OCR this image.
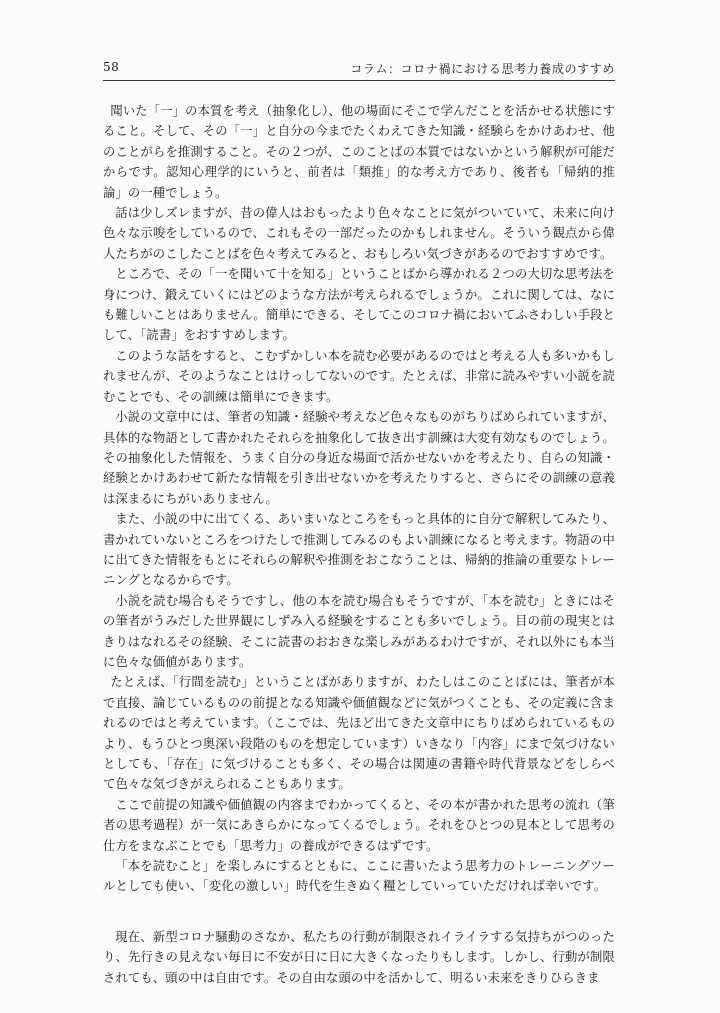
58	コラム：コロナ禍における思考力養成のすすめ

聞いた「一」の本質を考え（抽象化し）、他の場面にそこで学んだことを活かせる状態にすること。そして、その「一」と自分の今までたくわえてきた知識・経験らをかけあわせ、他のことがらを推測すること。その２つが、このことばの本質ではないかという解釈が可能だからです。認知心理学的にいうと、前者は「類推」的な考え方であり、後者も「帰納的推論」の一種でしょう。

話は少しズレますが、昔の偉人はおもったより色々なことに気がついていて、未来に向け色々な示唆をしているので、これもその一部だったのかもしれません。そういう観点から偉人たちがのこしたことばを色々考えてみると、おもしろい気づきがあるのでおすすめです。

ところで、その「一を聞いて十を知る」ということばから導かれる２つの大切な思考法を身につけ、鍛えていくにはどのような方法が考えられるでしょうか。これに関しては、なにも難しいことはありません。簡単にできる、そしてこのコロナ禍においてふさわしい手段として、「読書」をおすすめします。

このような話をすると、こむずかしい本を読む必要があるのではと考える人も多いかもしれませんが、そのようなことはけっしてないのです。たとえば、非常に読みやすい小説を読むことでも、その訓練は簡単にできます。

小説の文章中には、筆者の知識・経験や考えなど色々なものがちりばめられていますが、具体的な物語として書かれたそれらを抽象化して抜き出す訓練は大変有効なものでしょう。その抽象化した情報を、うまく自分の身近な場面で活かせないかを考えたり、自らの知識・経験とかけあわせて新たな情報を引き出せないかを考えたりすると、さらにその訓練の意義は深まるにちがいありません。

また、小説の中に出てくる、あいまいなところをもっと具体的に自分で解釈してみたり、書かれていないところをつけたしで推測してみるのもよい訓練になると考えます。物語の中に出てきた情報をもとにそれらの解釈や推測をおこなうことは、帰納的推論の重要なトレーニングとなるからです。

小説を読む場合もそうですし、他の本を読む場合もそうですが、「本を読む」ときにはその筆者がうみだした世界観にしずみ入る経験をすることも多いでしょう。目の前の現実とはきりはなれるその経験、そこに読書のおおきな楽しみがあるわけですが、それ以外にも本当に色々な価値があります。

たとえば、「行間を読む」ということばがありますが、わたしはこのことばには、筆者が本で直接、論じているものの前提となる知識や価値観などに気がつくことも、その定義に含まれるのではと考えています。（ここでは、先ほど出てきた文章中にちりばめられているものより、もうひとつ奥深い段階のものを想定しています）いきなり「内容」にまで気づけないとしても、「存在」に気づけることも多く、その場合は関連の書籍や時代背景などをしらべて色々な気づきがえられることもあります。

ここで前提の知識や価値観の内容までわかってくると、その本が書かれた思考の流れ（筆者の思考過程）が一気にあきらかになってくるでしょう。それをひとつの見本として思考の仕方をまなぶことでも「思考力」の養成ができるはずです。

「本を読むこと」を楽しみにするとともに、ここに書いたよう思考力のトレーニングツールとしても使い、「変化の激しい」時代を生きぬく糧としていっていただければ幸いです。

現在、新型コロナ騒動のさなか、私たちの行動が制限されイライラする気持ちがつのったり、先行きの見えない毎日に不安が日に日に大きくなったりもします。しかし、行動が制限されても、頭の中は自由です。その自由な頭の中を活かして、明るい未来をきりひらきま
